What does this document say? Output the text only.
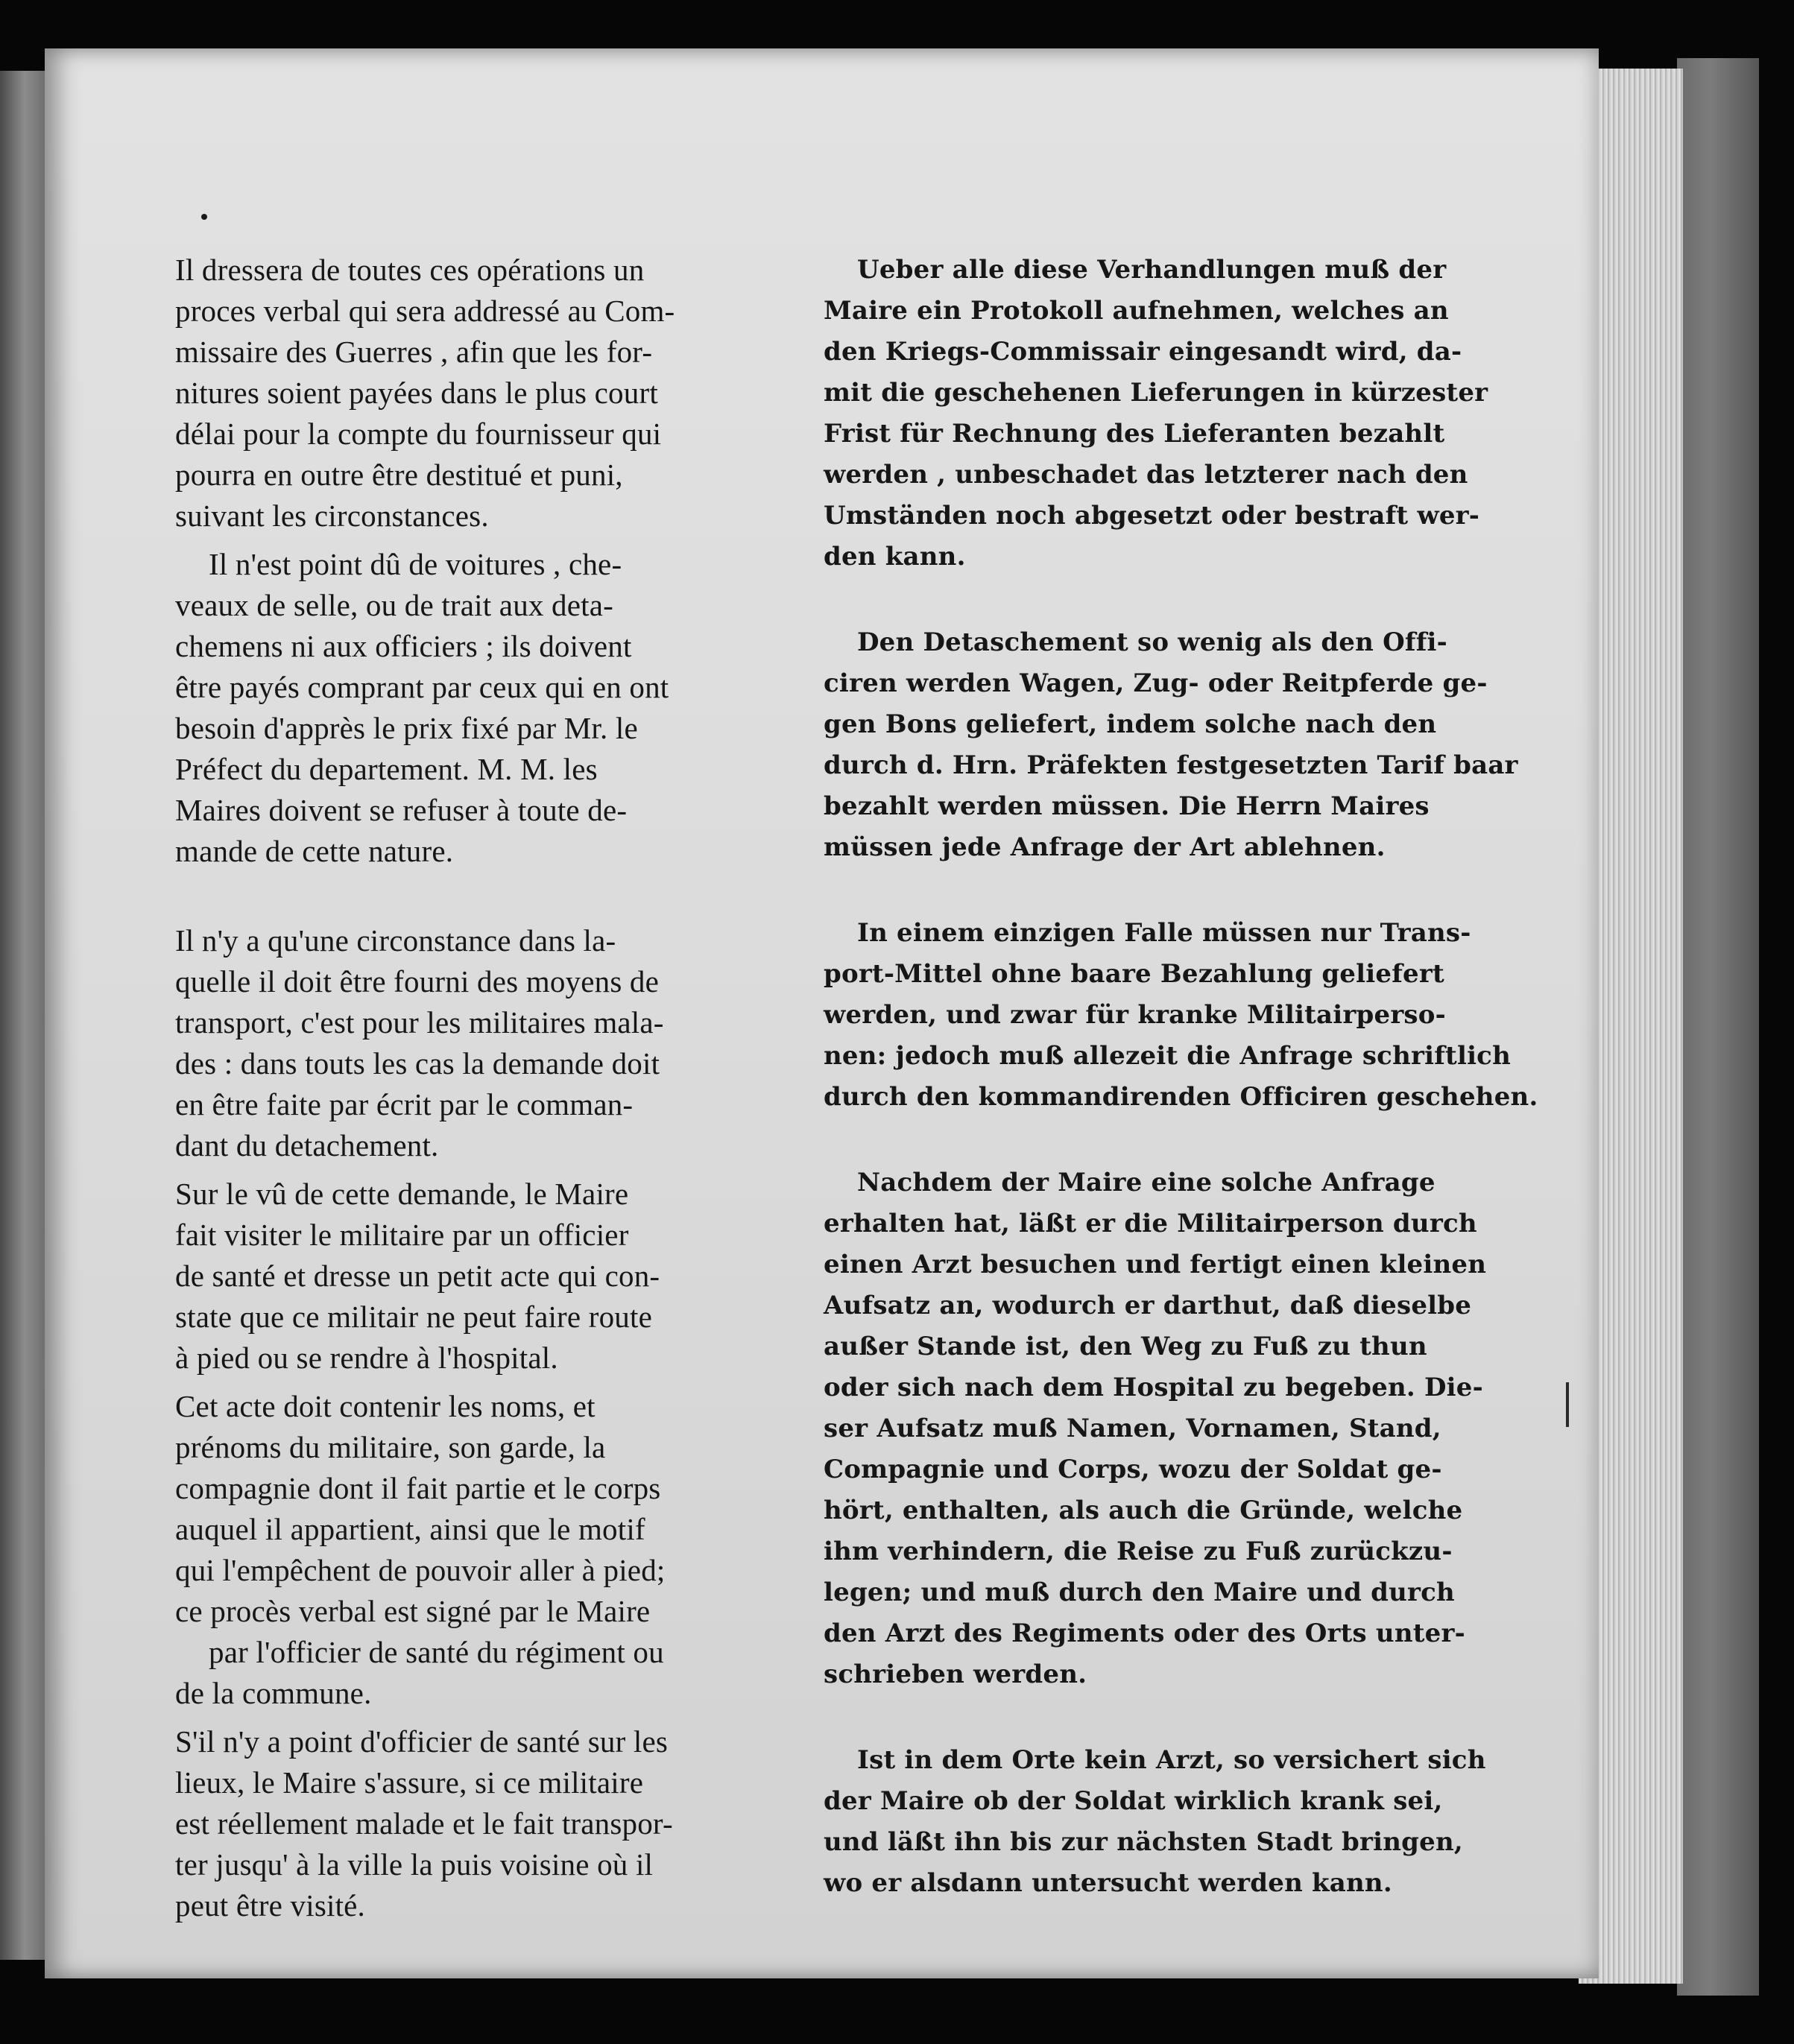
Il dressera de toutes ces opérations un
proces verbal qui sera addressé au Com-
missaire des Guerres , afin que les for-
nitures soient payées dans le plus court
délai pour la compte du fournisseur qui
pourra en outre être destitué et puni,
suivant les circonstances.
Il n'est point dû de voitures , che-
veaux de selle, ou de trait aux deta-
chemens ni aux officiers ; ils doivent
être payés comprant par ceux qui en ont
besoin d'apprès le prix fixé par Mr. le
Préfect du departement. M. M. les
Maires doivent se refuser à toute de-
mande de cette nature.
Il n'y a qu'une circonstance dans la-
quelle il doit être fourni des moyens de
transport, c'est pour les militaires mala-
des : dans touts les cas la demande doit
en être faite par écrit par le comman-
dant du detachement.
Sur le vû de cette demande, le Maire
fait visiter le militaire par un officier
de santé et dresse un petit acte qui con-
state que ce militair ne peut faire route
à pied ou se rendre à l'hospital.
Cet acte doit contenir les noms, et
prénoms du militaire, son garde, la
compagnie dont il fait partie et le corps
auquel il appartient, ainsi que le motif
qui l'empêchent de pouvoir aller à pied;
ce procès verbal est signé par le Maire
par l'officier de santé du régiment ou
de la commune.
S'il n'y a point d'officier de santé sur les
lieux, le Maire s'assure, si ce militaire
est réellement malade et le fait transpor-
ter jusqu' à la ville la puis voisine où il
peut être visité.
Ueber alle diese Verhandlungen muß der
Maire ein Protokoll aufnehmen, welches an
den Kriegs-Commissair eingesandt wird, da-
mit die geschehenen Lieferungen in kürzester
Frist für Rechnung des Lieferanten bezahlt
werden , unbeschadet das letzterer nach den
Umständen noch abgesetzt oder bestraft wer-
den kann.
Den Detaschement so wenig als den Offi-
ciren werden Wagen, Zug- oder Reitpferde ge-
gen Bons geliefert, indem solche nach den
durch d. Hrn. Präfekten festgesetzten Tarif baar
bezahlt werden müssen. Die Herrn Maires
müssen jede Anfrage der Art ablehnen.
In einem einzigen Falle müssen nur Trans-
port-Mittel ohne baare Bezahlung geliefert
werden, und zwar für kranke Militairperso-
nen: jedoch muß allezeit die Anfrage schriftlich
durch den kommandirenden Officiren geschehen.
Nachdem der Maire eine solche Anfrage
erhalten hat, läßt er die Militairperson durch
einen Arzt besuchen und fertigt einen kleinen
Aufsatz an, wodurch er darthut, daß dieselbe
außer Stande ist, den Weg zu Fuß zu thun
oder sich nach dem Hospital zu begeben. Die-
ser Aufsatz muß Namen, Vornamen, Stand,
Compagnie und Corps, wozu der Soldat ge-
hört, enthalten, als auch die Gründe, welche
ihm verhindern, die Reise zu Fuß zurückzu-
legen; und muß durch den Maire und durch
den Arzt des Regiments oder des Orts unter-
schrieben werden.
Ist in dem Orte kein Arzt, so versichert sich
der Maire ob der Soldat wirklich krank sei,
und läßt ihn bis zur nächsten Stadt bringen,
wo er alsdann untersucht werden kann.
